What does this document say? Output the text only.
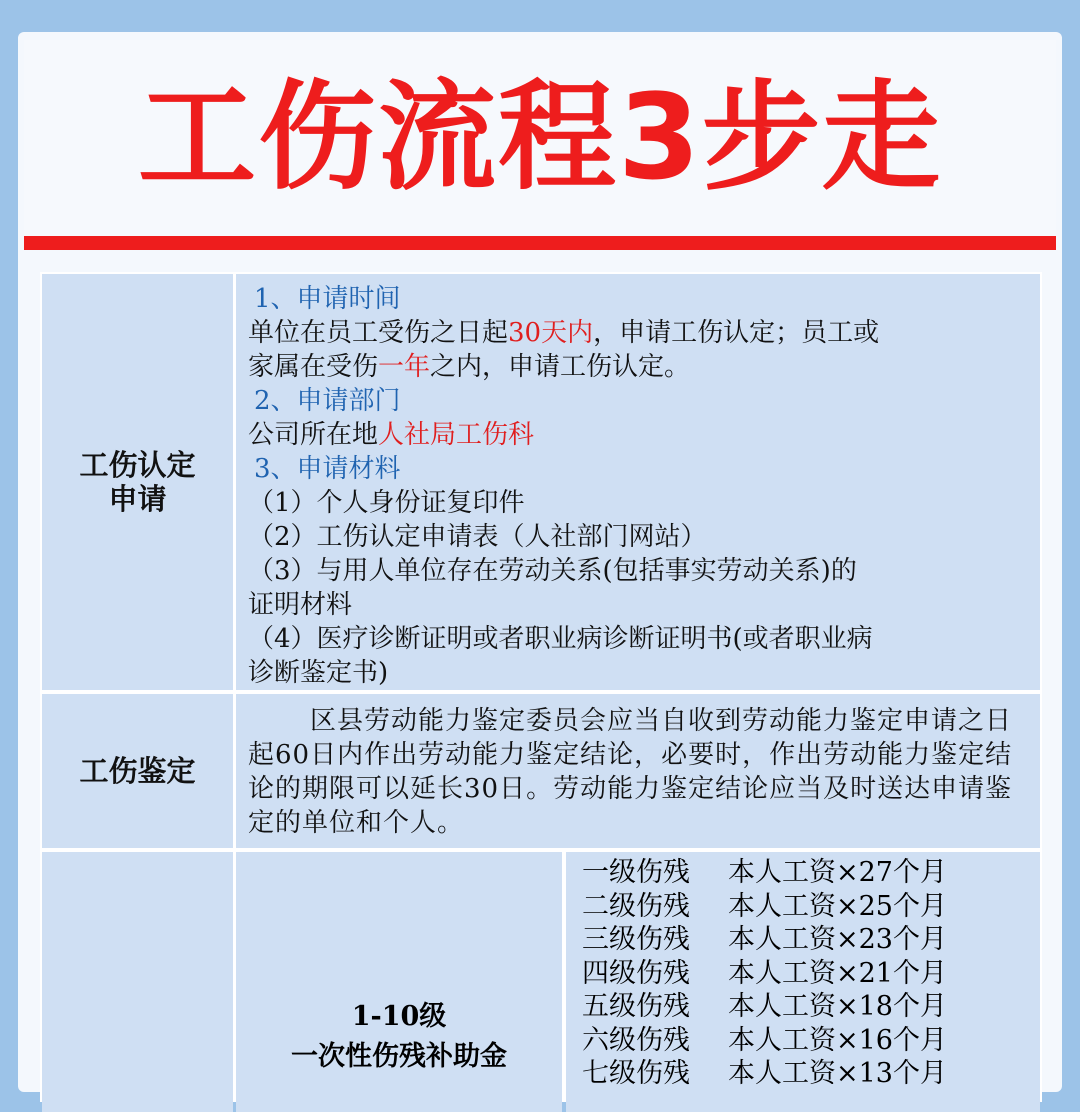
工伤流程3步走
工伤认定
申请
1、申请时间
单位在员工受伤之日起30天内，申请工伤认定；员工或
家属在受伤一年之内，申请工伤认定。
2、申请部门
公司所在地人社局工伤科
3、申请材料
（1）个人身份证复印件
（2）工伤认定申请表（人社部门网站）
（3）与用人单位存在劳动关系(包括事实劳动关系)的
证明材料
（4）医疗诊断证明或者职业病诊断证明书(或者职业病
诊断鉴定书)
工伤鉴定
区县劳动能力鉴定委员会应当自收到劳动能力鉴定申请之日起60日内作出劳动能力鉴定结论，必要时，作出劳动能力鉴定结论的期限可以延长30日。劳动能力鉴定结论应当及时送达申请鉴定的单位和个人。
1-10级
一次性伤残补助金
一级伤残 本人工资×27个月
二级伤残 本人工资×25个月
三级伤残 本人工资×23个月
四级伤残 本人工资×21个月
五级伤残 本人工资×18个月
六级伤残 本人工资×16个月
七级伤残 本人工资×13个月
